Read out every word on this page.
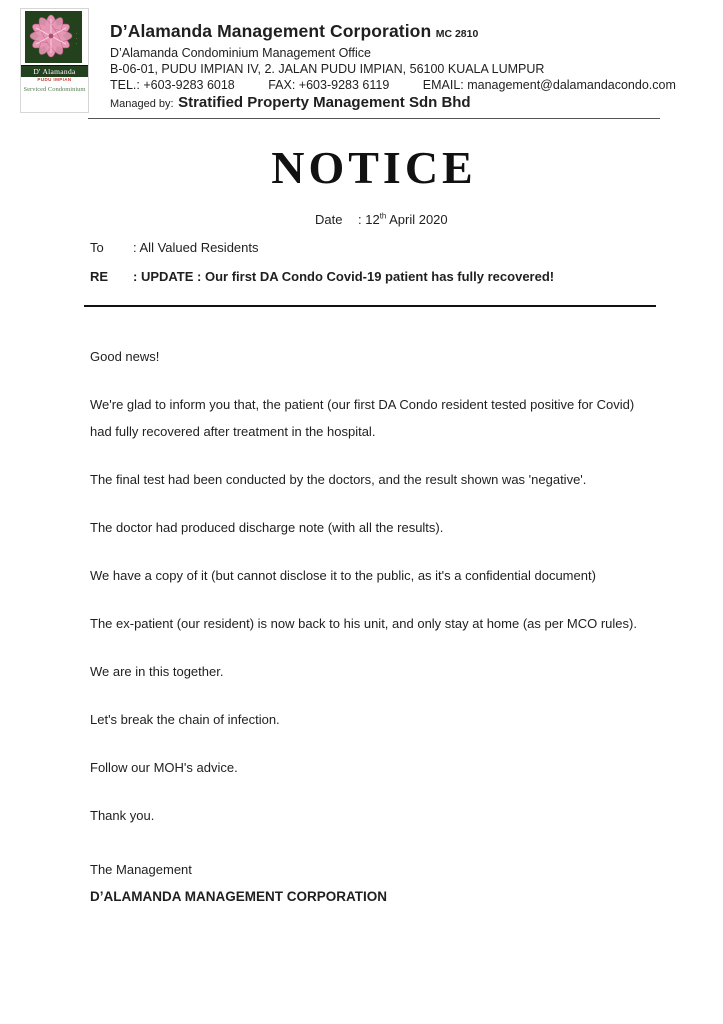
·
·
·
D' Alamanda
PUDU IMPIAN
Serviced Condominium
D’Alamanda Management Corporation MC 2810
D’Alamanda Condominium Management Office
B-06-01, PUDU IMPIAN IV, 2. JALAN PUDU IMPIAN, 56100 KUALA LUMPUR
TEL.: +603-9283 6018	FAX: +603-9283 6119	EMAIL: management@dalamandacondo.com
Managed by: Stratified Property Management Sdn Bhd
NOTICE
Date : 12th April 2020
To	: All Valued Residents
RE	: UPDATE : Our first DA Condo Covid-19 patient has fully recovered!

Good news!

We're glad to inform you that, the patient (our first DA Condo resident tested positive for Covid) had fully recovered after treatment in the hospital.

The final test had been conducted by the doctors, and the result shown was 'negative'.

The doctor had produced discharge note (with all the results).

We have a copy of it (but cannot disclose it to the public, as it's a confidential document)

The ex-patient (our resident) is now back to his unit, and only stay at home (as per MCO rules).

We are in this together.

Let's break the chain of infection.

Follow our MOH's advice.

Thank you.

The Management

D’ALAMANDA MANAGEMENT CORPORATION
